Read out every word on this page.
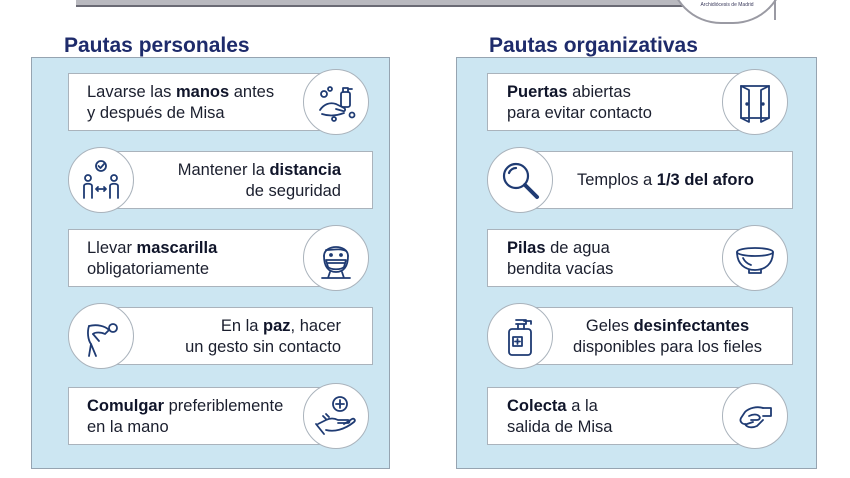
Archidiócesis de Madrid
Pautas personales	Pautas organizativas
Lavarse las manos antes
y después de Misa
Mantener la distancia
de seguridad
Llevar mascarilla
obligatoriamente
En la paz, hacer
un gesto sin contacto
Comulgar preferiblemente
en la mano
Puertas abiertas
para evitar contacto
Templos a 1/3 del aforo
Pilas de agua
bendita vacías
Geles desinfectantes
disponibles para los fieles
Colecta a la
salida de Misa
